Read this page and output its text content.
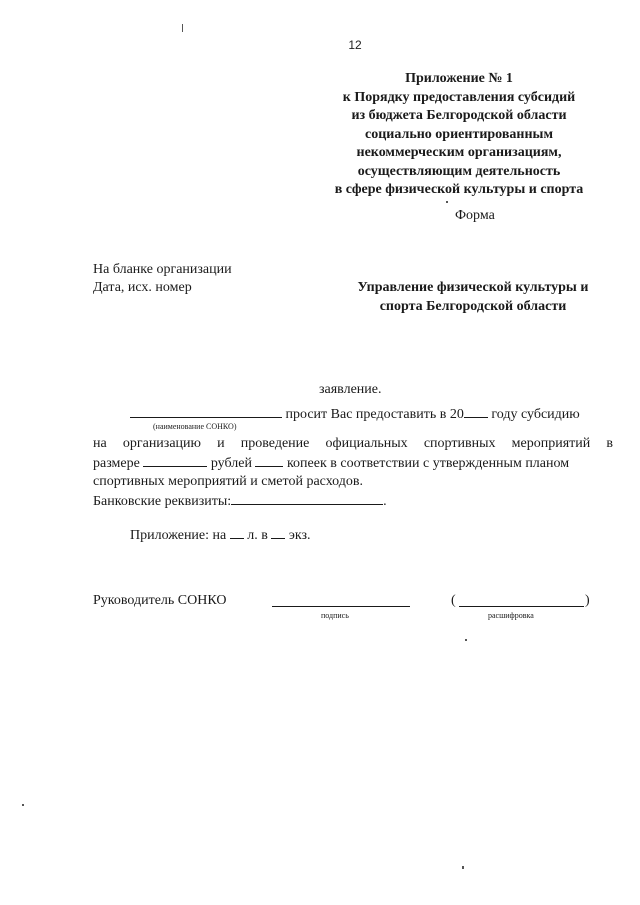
12
Приложение № 1
к Порядку предоставления субсидий
из бюджета Белгородской области
социально ориентированным
некоммерческим организациям,
осуществляющим деятельность
в сфере физической культуры и спорта
Форма
На бланке организации
Дата, исх. номер	Управление физической культуры и
спорта Белгородской области
заявление.
просит Вас предоставить в 20 году субсидию
(наименование СОНКО)
на организацию и проведение официальных спортивных мероприятий в
размере	рублей	копеек в соответствии с утвержденным планом
спортивных мероприятий и сметой расходов.
Банковские реквизиты:	.
Приложение: на л. в экз.
Руководитель СОНКО	(	)
подпись	расшифровка
